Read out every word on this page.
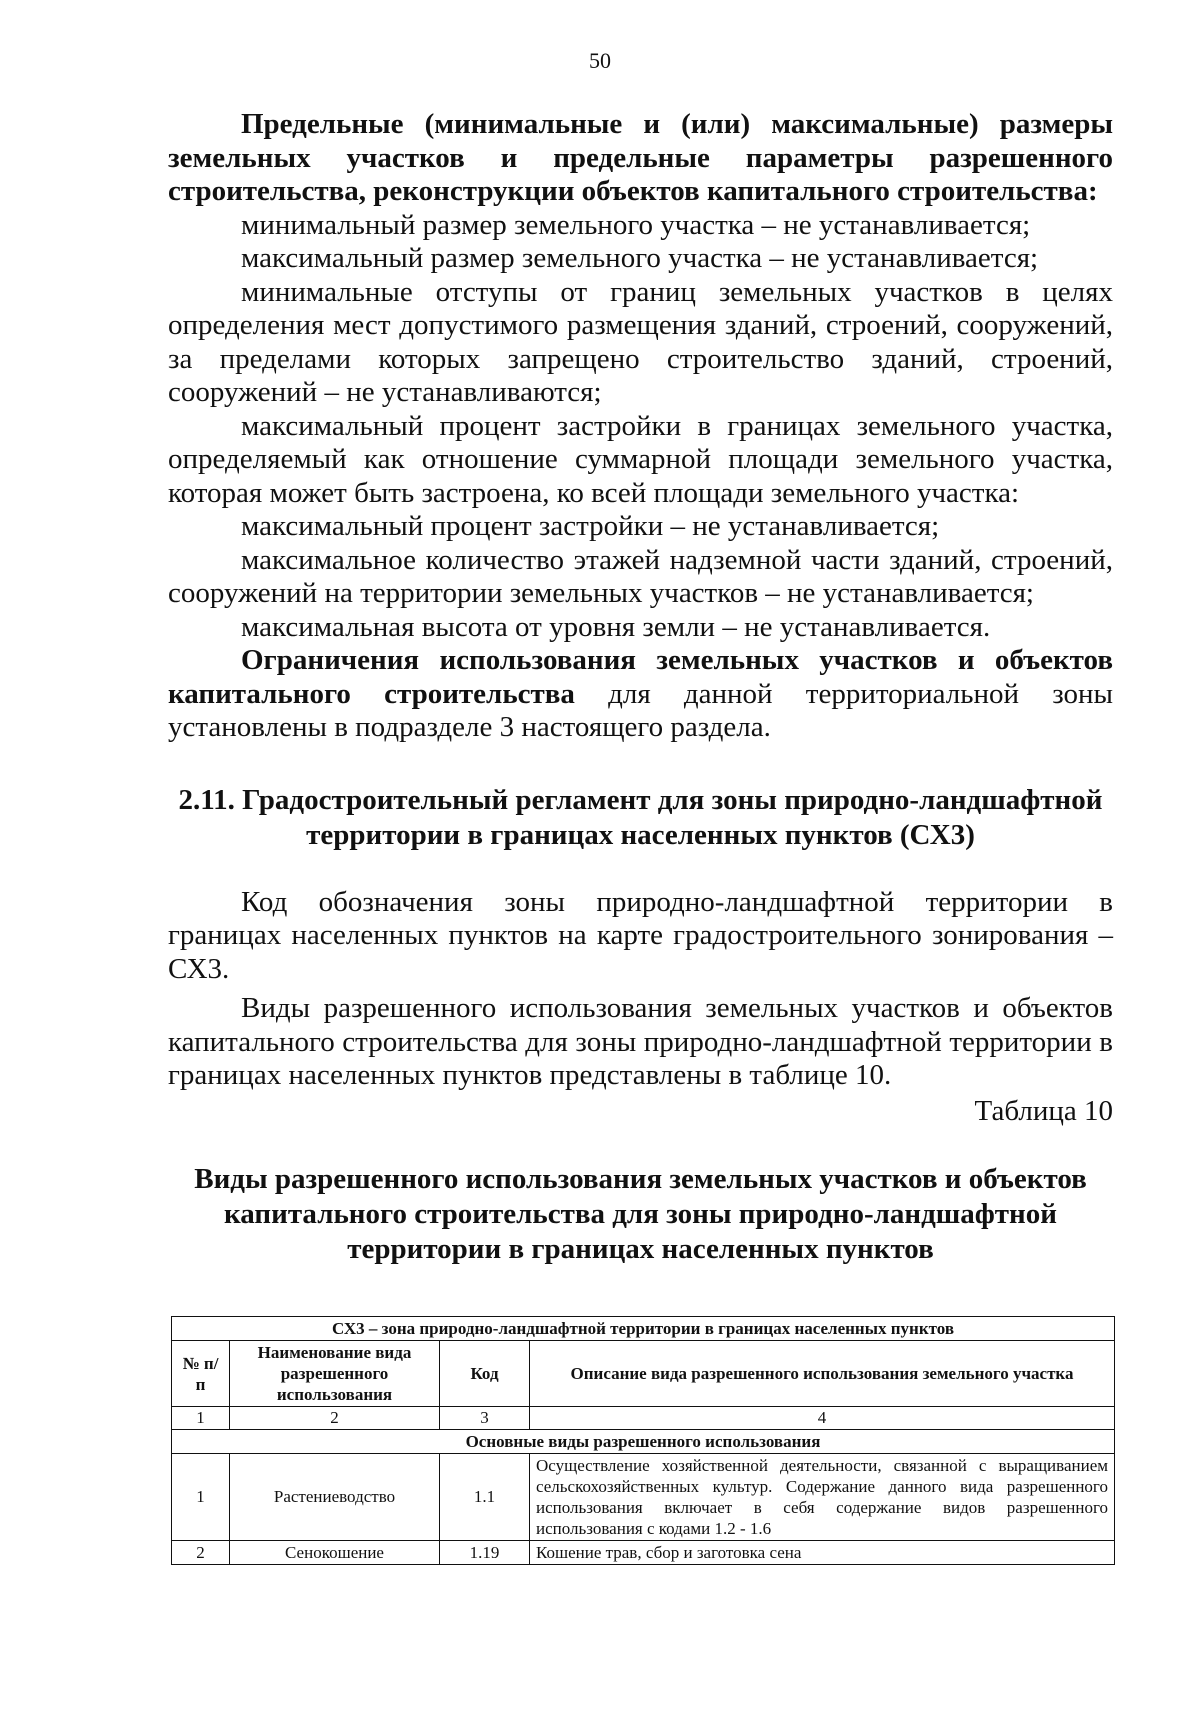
50

Предельные (минимальные и (или) максимальные) размеры земельных участков и предельные параметры разрешенного строительства, реконструкции объектов капитального строительства:

минимальный размер земельного участка – не устанавливается;

максимальный размер земельного участка – не устанавливается;

минимальные отступы от границ земельных участков в целях определения мест допустимого размещения зданий, строений, сооружений, за пределами которых запрещено строительство зданий, строений, сооружений – не устанавливаются;

максимальный процент застройки в границах земельного участка, определяемый как отношение суммарной площади земельного участка, которая может быть застроена, ко всей площади земельного участка:

максимальный процент застройки – не устанавливается;

максимальное количество этажей надземной части зданий, строений, сооружений на территории земельных участков – не устанавливается;

максимальная высота от уровня земли – не устанавливается.

Ограничения использования земельных участков и объектов капитального строительства для данной территориальной зоны установлены в подразделе 3 настоящего раздела.

2.11. Градостроительный регламент для зоны природно-ландшафтной территории в границах населенных пунктов (СХ3)

Код обозначения зоны природно-ландшафтной территории в границах населенных пунктов на карте градостроительного зонирования – СХ3.

Виды разрешенного использования земельных участков и объектов капитального строительства для зоны природно-ландшафтной территории в границах населенных пунктов представлены в таблице 10.

Таблица 10

Виды разрешенного использования земельных участков и объектов капитального строительства для зоны природно-ландшафтной территории в границах населенных пунктов

СХ3 – зона природно-ландшафтной территории в границах населенных пунктов			
№ п/п	Наименование вида разрешенного использования	Код	Описание вида разрешенного использования земельного участка
1	2	3	4
Основные виды разрешенного использования			
1	Растениеводство	1.1	Осуществление хозяйственной деятельности, связанной с выращиванием сельскохозяйственных культур. Содержание данного вида разрешенного использования включает в себя содержание видов разрешенного использования с кодами 1.2 - 1.6
2	Сенокошение	1.19	Кошение трав, сбор и заготовка сена
